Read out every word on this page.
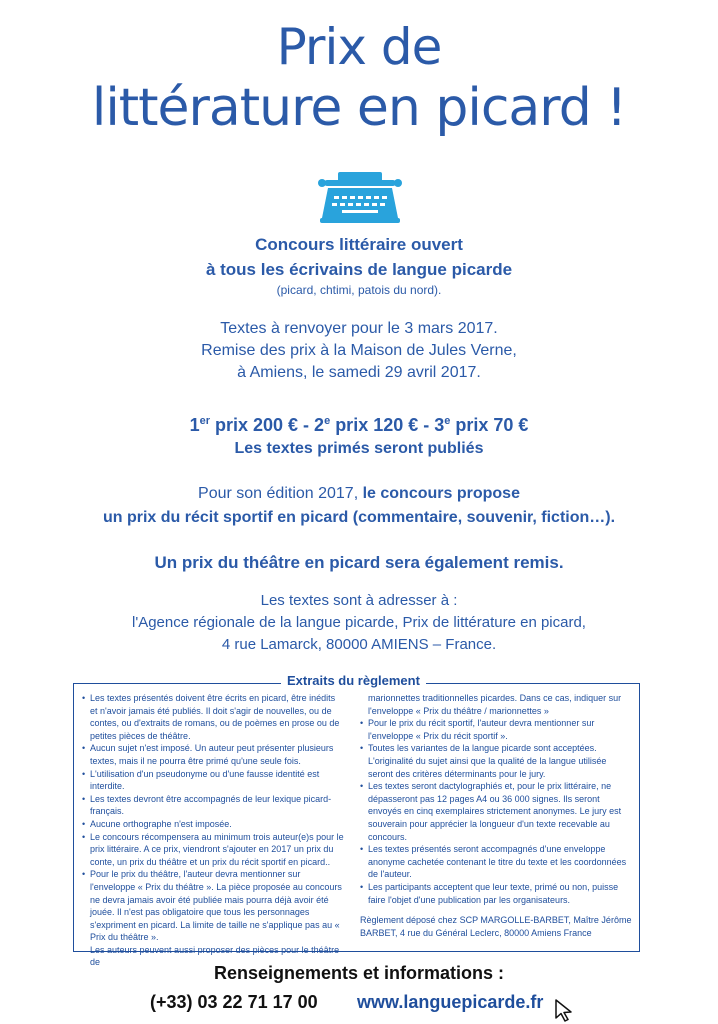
Prix de
littérature en picard !
Concours littéraire ouvert
à tous les écrivains de langue picarde
(picard, chtimi, patois du nord).
Textes à renvoyer pour le 3 mars 2017.
Remise des prix à la Maison de Jules Verne,
à Amiens, le samedi 29 avril 2017.
1er prix 200 € - 2e prix 120 € - 3e prix 70 €
Les textes primés seront publiés
Pour son édition 2017, le concours propose
un prix du récit sportif en picard (commentaire, souvenir, fiction…).
Un prix du théâtre en picard sera également remis.
Les textes sont à adresser à :
l'Agence régionale de la langue picarde, Prix de littérature en picard,
4 rue Lamarck, 80000 AMIENS – France.
Extraits du règlement
• Les textes présentés doivent être écrits en picard, être inédits et n'avoir jamais été publiés. Il doit s'agir de nouvelles, ou de contes, ou d'extraits de romans, ou de poèmes en prose ou de petites pièces de théâtre.
• Aucun sujet n'est imposé. Un auteur peut présenter plusieurs textes, mais il ne pourra être primé qu'une seule fois.
• L'utilisation d'un pseudonyme ou d'une fausse identité est interdite.
• Les textes devront être accompagnés de leur lexique picard-français.
• Aucune orthographe n'est imposée.
• Le concours récompensera au minimum trois auteur(e)s pour le prix littéraire. A ce prix, viendront s'ajouter en 2017 un prix du conte, un prix du théâtre et un prix du récit sportif en picard..
• Pour le prix du théâtre, l'auteur devra mentionner sur l'enveloppe « Prix du théâtre ». La pièce proposée au concours ne devra jamais avoir été publiée mais pourra déjà avoir été jouée. Il n'est pas obligatoire que tous les personnages s'expriment en picard. La limite de taille ne s'applique pas au « Prix du théâtre ».
Les auteurs peuvent aussi proposer des pièces pour le théâtre de
marionnettes traditionnelles picardes. Dans ce cas, indiquer sur l'enveloppe « Prix du théâtre / marionnettes »
• Pour le prix du récit sportif, l'auteur devra mentionner sur l'enveloppe « Prix du récit sportif ».
• Toutes les variantes de la langue picarde sont acceptées. L'originalité du sujet ainsi que la qualité de la langue utilisée seront des critères déterminants pour le jury.
• Les textes seront dactylographiés et, pour le prix littéraire, ne dépasseront pas 12 pages A4 ou 36 000 signes. Ils seront envoyés en cinq exemplaires strictement anonymes. Le jury est souverain pour apprécier la longueur d'un texte recevable au concours.
• Les textes présentés seront accompagnés d'une enveloppe anonyme cachetée contenant le titre du texte et les coordonnées de l'auteur.
• Les participants acceptent que leur texte, primé ou non, puisse faire l'objet d'une publication par les organisateurs.
Règlement déposé chez SCP MARGOLLE-BARBET, Maître Jérôme BARBET, 4 rue du Général Leclerc, 80000 Amiens France
Renseignements et informations :
(+33) 03 22 71 17 00 www.languepicarde.fr
